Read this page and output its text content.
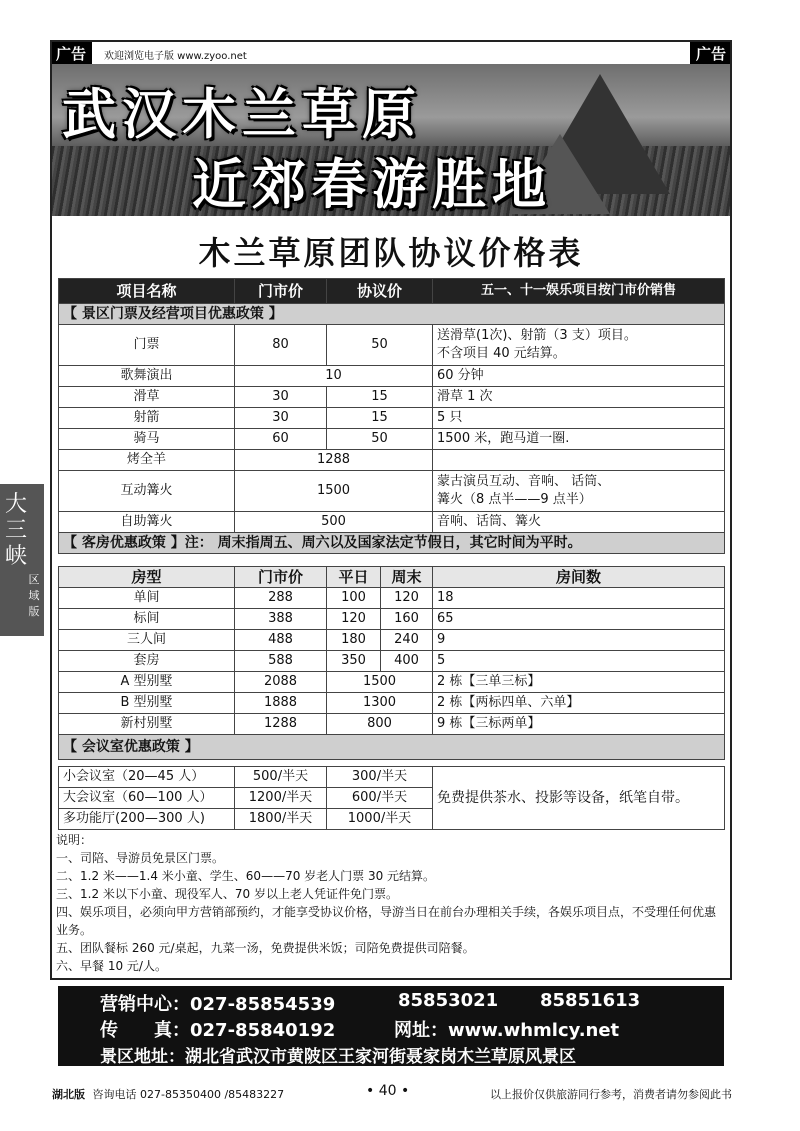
广告	欢迎浏览电子版 www.zyoo.net	广告
武汉木兰草原
近郊春游胜地
木兰草原团队协议价格表
项目名称	门市价	协议价	五一、十一娱乐项目按门市价销售
【 景区门票及经营项目优惠政策 】			
门票	80	50	送滑草(1次)、射箭（3 支）项目。
不含项目 40 元结算。

歌舞演出	10		60 分钟
滑草	30	15	滑草 1 次
射箭	30	15	5 只
骑马	60	50	1500 米，跑马道一圈.
烤全羊	1288		
互动篝火	1500		蒙古演员互动、音响、 话筒、
篝火（8 点半——9 点半）

自助篝火	500		音响、话筒、篝火
【 客房优惠政策 】注： 周末指周五、周六以及国家法定节假日，其它时间为平时。			
房型	门市价	平日	周末	房间数
单间	288	100	120	18
标间	388	120	160	65
三人间	488	180	240	9
套房	588	350	400	5
A 型别墅	2088	1500		2 栋【三单三标】
B 型别墅	1888	1300		2 栋【两标四单、六单】
新村别墅	1288	800		9 栋【三标两单】
【 会议室优惠政策 】				
小会议室（20—45 人）	500/半天	300/半天	免费提供茶水、投影等设备，纸笔自带。
大会议室（60—100 人）	1200/半天	600/半天	
多功能厅(200—300 人)	1800/半天	1000/半天	
说明：
一、司陪、导游员免景区门票。
二、1.2 米——1.4 米小童、学生、60——70 岁老人门票 30 元结算。
三、1.2 米以下小童、现役军人、70 岁以上老人凭证件免门票。
四、娱乐项目，必须向甲方营销部预约，才能享受协议价格，导游当日在前台办理相关手续，各娱乐项目点，不受理任何优惠业务。
五、团队餐标 260 元/桌起，九菜一汤，免费提供米饭；司陪免费提供司陪餐。
六、早餐 10 元/人。
营销中心：027-85854539	85853021 85851613
传　　真：027-85840192	网址：www.whmlcy.net
景区地址：湖北省武汉市黄陂区王家河街聂家岗木兰草原风景区
大三峡
区域版
湖北版 咨询电话 027-85350400 /85483227	• 40 •	以上报价仅供旅游同行参考，消费者请勿参阅此书
